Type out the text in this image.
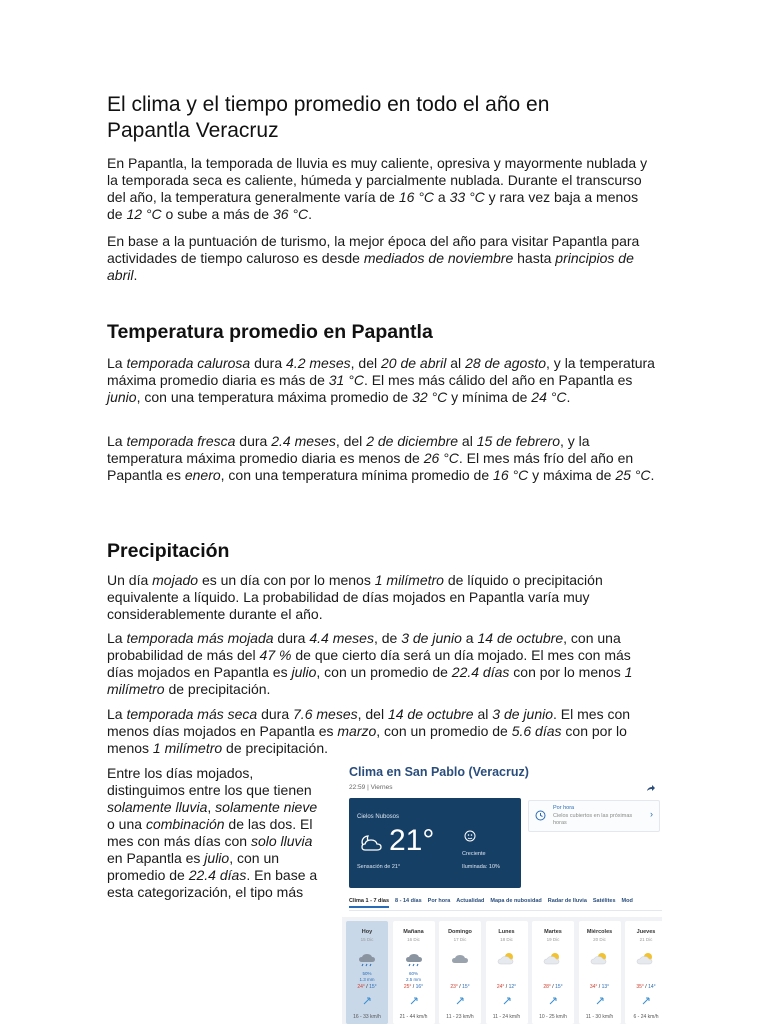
El clima y el tiempo promedio en todo el año en Papantla Veracruz

En Papantla, la temporada de lluvia es muy caliente, opresiva y mayormente nublada y la temporada seca es caliente, húmeda y parcialmente nublada. Durante el transcurso del año, la temperatura generalmente varía de 16 °C a 33 °C y rara vez baja a menos de 12 °C o sube a más de 36 °C.

En base a la puntuación de turismo, la mejor época del año para visitar Papantla para actividades de tiempo caluroso es desde mediados de noviembre hasta principios de abril.

Temperatura promedio en Papantla

La temporada calurosa dura 4.2 meses, del 20 de abril al 28 de agosto, y la temperatura máxima promedio diaria es más de 31 °C. El mes más cálido del año en Papantla es junio, con una temperatura máxima promedio de 32 °C y mínima de 24 °C.

La temporada fresca dura 2.4 meses, del 2 de diciembre al 15 de febrero, y la temperatura máxima promedio diaria es menos de 26 °C. El mes más frío del año en Papantla es enero, con una temperatura mínima promedio de 16 °C y máxima de 25 °C.

Precipitación

Un día mojado es un día con por lo menos 1 milímetro de líquido o precipitación equivalente a líquido. La probabilidad de días mojados en Papantla varía muy considerablemente durante el año.

La temporada más mojada dura 4.4 meses, de 3 de junio a 14 de octubre, con una probabilidad de más del 47 % de que cierto día será un día mojado. El mes con más días mojados en Papantla es julio, con un promedio de 22.4 días con por lo menos 1 milímetro de precipitación.

La temporada más seca dura 7.6 meses, del 14 de octubre al 3 de junio. El mes con menos días mojados en Papantla es marzo, con un promedio de 5.6 días con por lo menos 1 milímetro de precipitación.

Entre los días mojados, distinguimos entre los que tienen solamente lluvia, solamente nieve o una combinación de las dos. El mes con más días con solo lluvia en Papantla es julio, con un promedio de 22.4 días. En base a esta categorización, el tipo más

Clima en San Pablo (Veracruz)
22:59 | Viernes
Cielos Nubosos
21°
Sensación de 21°
Creciente
Iluminada: 10%
Por hora
Cielos cubiertos en las próximas horas
›
Clima 1 - 7 días 8 - 14 días Por hora Actualidad Mapa de nubosidad Radar de lluvia Satélites Mod
Hoy
15 Dic
50%
1.3 mm
24° / 15°
16 - 33 km/h
Mañana
16 Dic
60%
2.5 mm
25° / 16°
21 - 44 km/h
Domingo
17 Dic
23° / 15°
11 - 23 km/h
Lunes
18 Dic
24° / 12°
11 - 24 km/h
Martes
19 Dic
28° / 15°
10 - 25 km/h
Miércoles
20 Dic
34° / 13°
11 - 30 km/h
Jueves
21 Dic
35° / 14°
6 - 24 km/h
